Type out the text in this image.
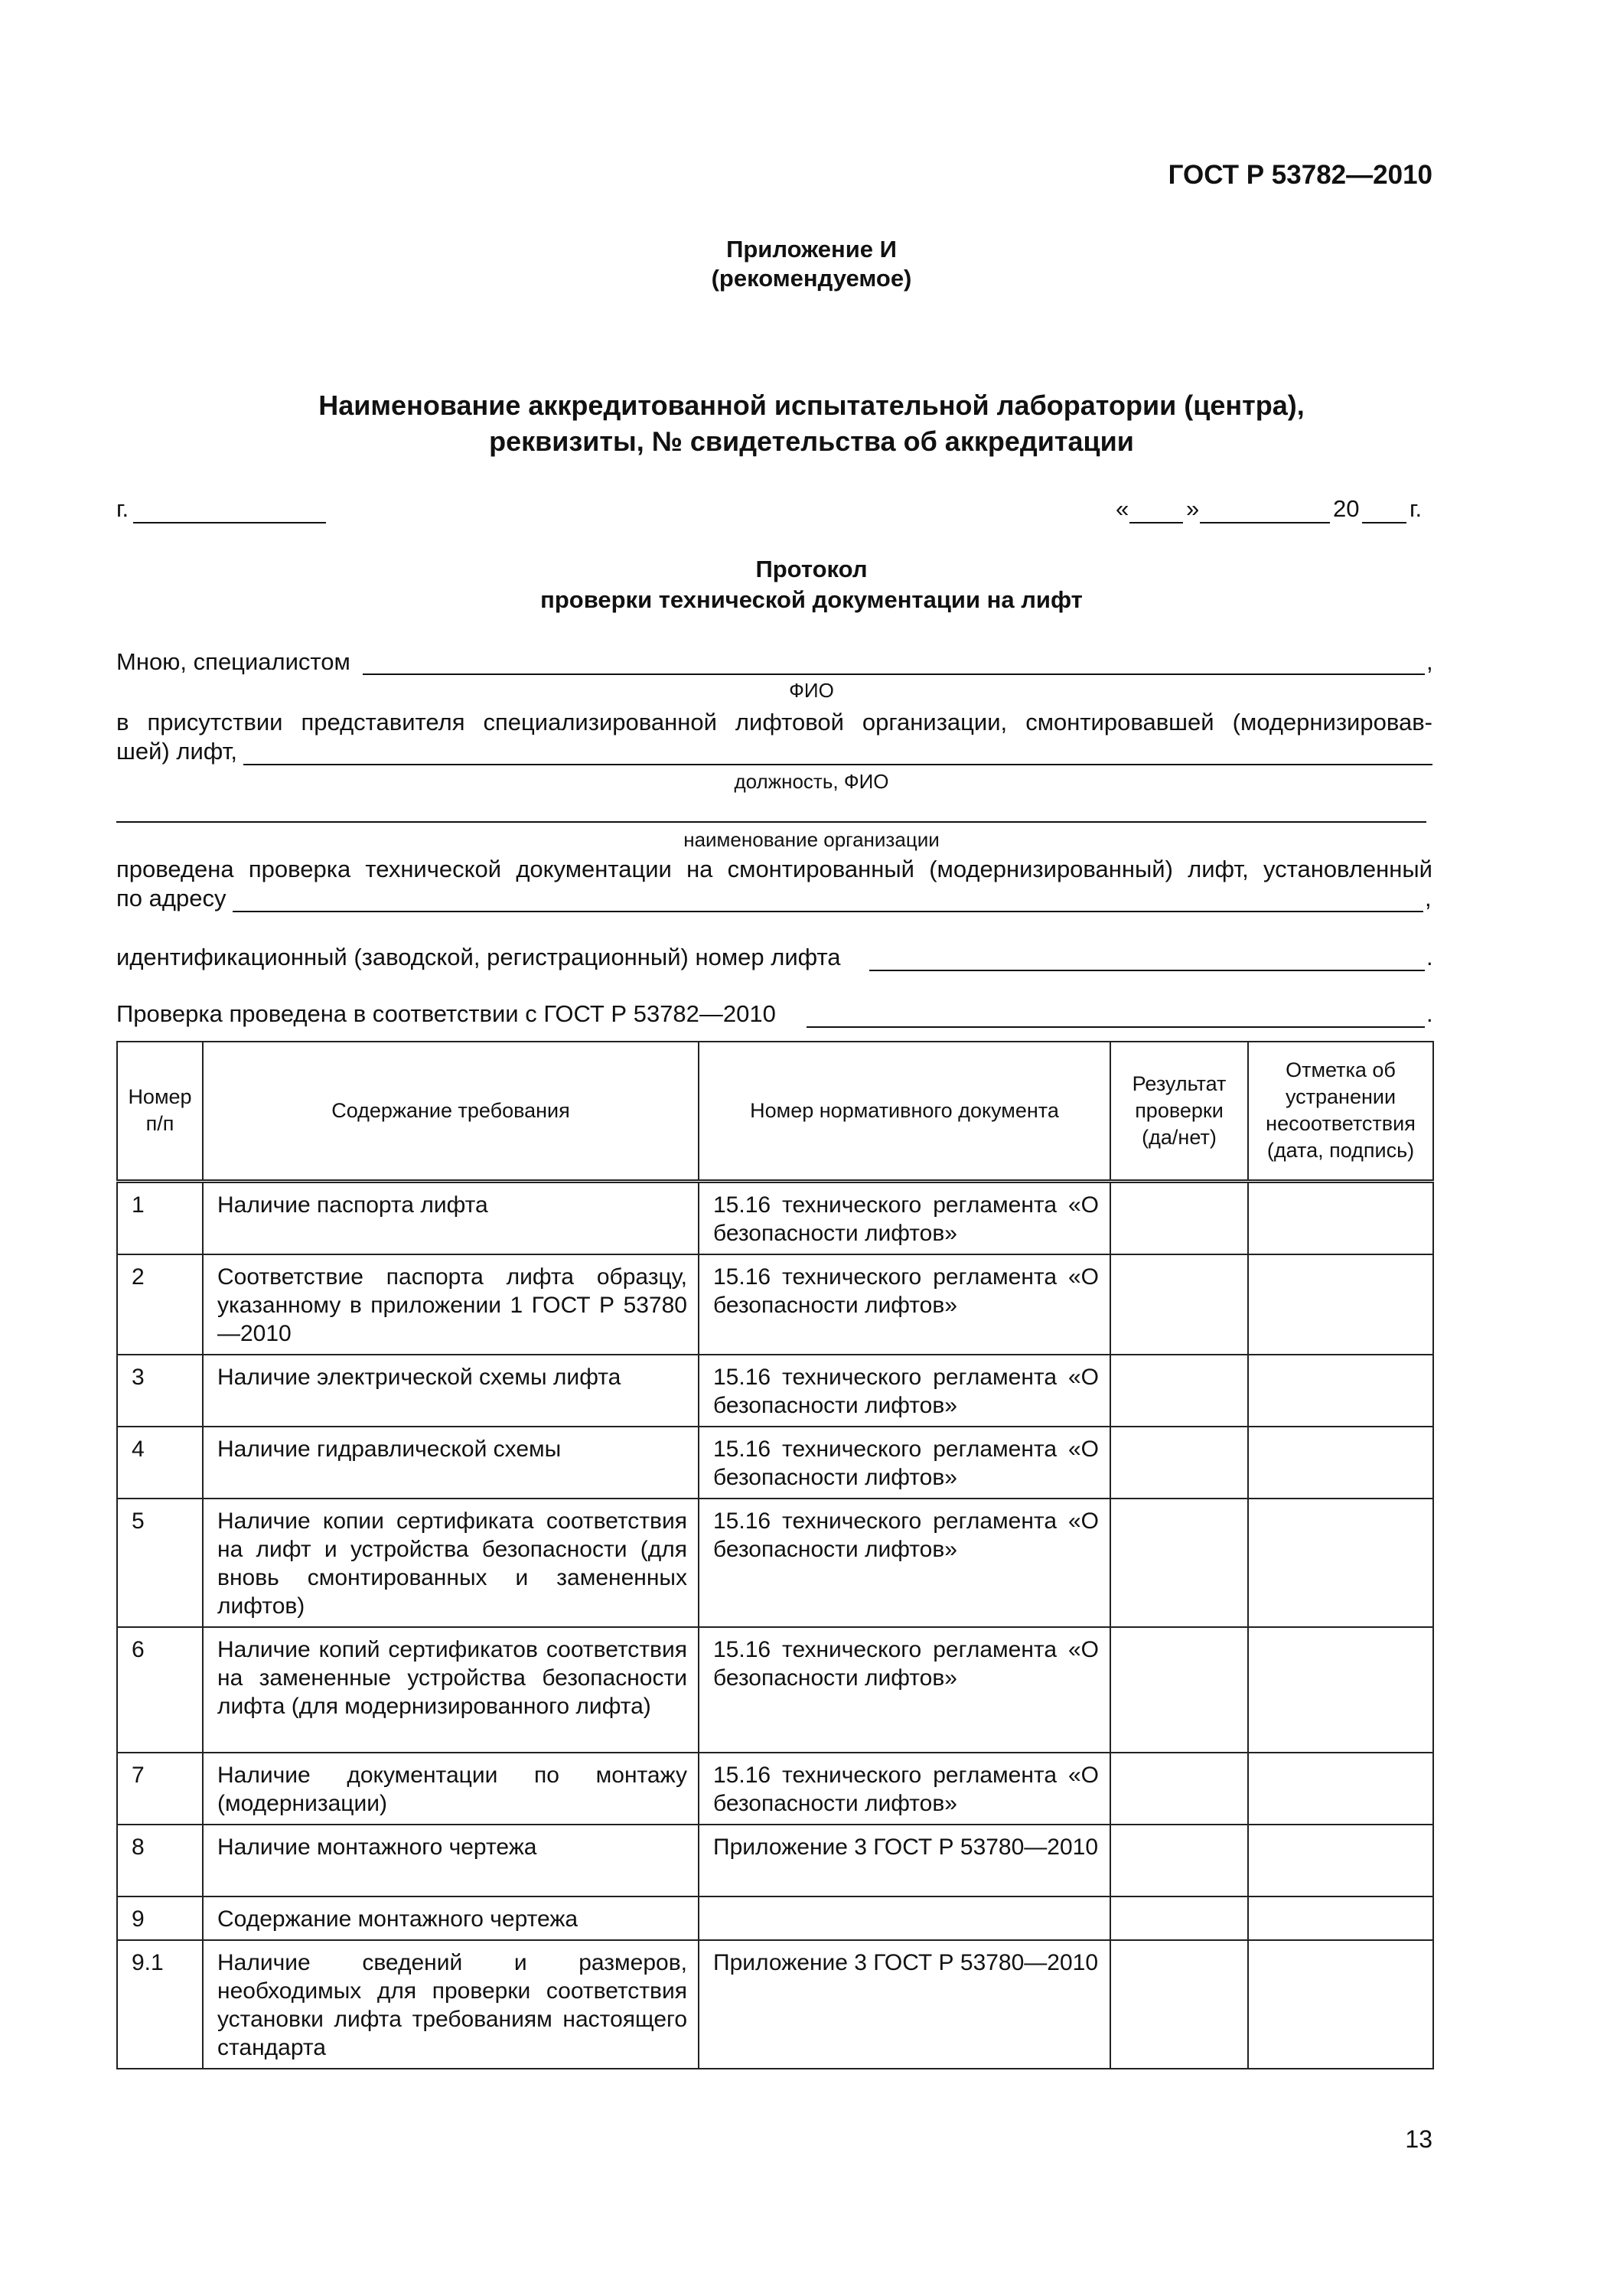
ГОСТ Р 53782—2010
Приложение И
(рекомендуемое)
Наименование аккредитованной испытательной лаборатории (центра),
реквизиты, № свидетельства об аккредитации
г.	« »	20 г.
Протокол
проверки технической документации на лифт
Мною, специалистом	,
ФИО
в присутствии представителя специализированной лифтовой организации, смонтировавшей (модернизировав-
шей) лифт,
должность, ФИО
наименование организации
проведена проверка технической документации на смонтированный (модернизированный) лифт, установленный
по адресу	,
идентификационный (заводской, регистрационный) номер лифта	.
Проверка проведена в соответствии с ГОСТ Р 53782—2010	.
Номер п/п	Содержание требования	Номер нормативного документа	Результат проверки (да/нет)	Отметка об устранении несоответствия (дата, подпись)
1	Наличие паспорта лифта	15.16 технического регламента «О безопасности лифтов»		
2	Соответствие паспорта лифта образцу, указанному в приложении 1 ГОСТ Р 53780—2010	15.16 технического регламента «О безопасности лифтов»		
3	Наличие электрической схемы лифта	15.16 технического регламента «О безопасности лифтов»		
4	Наличие гидравлической схемы	15.16 технического регламента «О безопасности лифтов»		
5	Наличие копии сертификата соответствия на лифт и устройства безопасности (для вновь смонтированных и замененных лифтов)	15.16 технического регламента «О безопасности лифтов»		
6	Наличие копий сертификатов соответствия на замененные устройства безопасности лифта (для модернизированного лифта)	15.16 технического регламента «О безопасности лифтов»		
7	Наличие документации по монтажу (модернизации)	15.16 технического регламента «О безопасности лифтов»		
8	Наличие монтажного чертежа	Приложение 3 ГОСТ Р 53780—2010		
9	Содержание монтажного чертежа			
9.1	Наличие сведений и размеров, необходимых для проверки соответствия установки лифта требованиям настоящего стандарта	Приложение 3 ГОСТ Р 53780—2010		
13
